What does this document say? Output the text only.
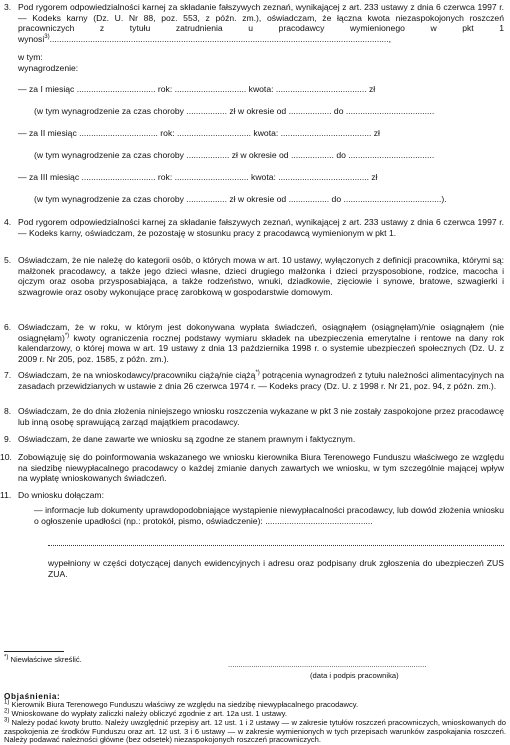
3. Pod rygorem odpowiedzialności karnej za składanie fałszywych zeznań, wynikającej z art. 233 ustawy z dnia 6 czerwca 1997 r. — Kodeks karny (Dz. U. Nr 88, poz. 553, z późn. zm.), oświadczam, że łączna kwota niezaspokojonych roszczeń pracowniczych z tytułu zatrudnienia u pracodawcy wymienionego w pkt 1 wynosi$^{3)}$..............................................................................................................................................,
w tym:
wynagrodzenie:
— za I miesiąc ................................. rok: .............................. kwota: ...................................... zł
(w tym wynagrodzenie za czas choroby ................. zł w okresie od .................. do .....................................
— za II miesiąc ................................. rok: ............................... kwota: ...................................... zł
(w tym wynagrodzenie za czas choroby .................. zł w okresie od .................. do ....................................
— za III miesiąc ............................... rok: ............................... kwota: ...................................... zł
(w tym wynagrodzenie za czas choroby ................. zł w okresie od ................. do .........................................).
4. Pod rygorem odpowiedzialności karnej za składanie fałszywych zeznań, wynikającej z art. 233 ustawy z dnia 6 czerwca 1997 r. — Kodeks karny, oświadczam, że pozostaję w stosunku pracy z pracodawcą wymienionym w pkt 1.
5. Oświadczam, że nie należę do kategorii osób, o których mowa w art. 10 ustawy, wyłączonych z definicji pracownika, którymi są: małżonek pracodawcy, a także jego dzieci własne, dzieci drugiego małżonka i dzieci przysposobione, rodzice, macocha i ojczym oraz osoba przysposabiająca, a także rodzeństwo, wnuki, dziadkowie, zięciowie i synowe, bratowe, szwagierki i szwagrowie oraz osoby wykonujące pracę zarobkową w gospodarstwie domowym.
6. Oświadczam, że w roku, w którym jest dokonywana wypłata świadczeń, osiągnąłem (osiągnęłam)/nie osiągnąłem (nie osiągnęłam)*) kwoty ograniczenia rocznej podstawy wymiaru składek na ubezpieczenia emerytalne i rentowe na dany rok kalendarzowy, o której mowa w art. 19 ustawy z dnia 13 października 1998 r. o systemie ubezpieczeń społecznych (Dz. U. z 2009 r. Nr 205, poz. 1585, z późn. zm.).
7. Oświadczam, że na wnioskodawcy/pracowniku ciążą/nie ciążą*) potrącenia wynagrodzeń z tytułu należności alimentacyjnych na zasadach przewidzianych w ustawie z dnia 26 czerwca 1974 r. — Kodeks pracy (Dz. U. z 1998 r. Nr 21, poz. 94, z późn. zm.).
8. Oświadczam, że do dnia złożenia niniejszego wniosku roszczenia wykazane w pkt 3 nie zostały zaspokojone przez pracodawcę lub inną osobę sprawującą zarząd majątkiem pracodawcy.
9. Oświadczam, że dane zawarte we wniosku są zgodne ze stanem prawnym i faktycznym.
10. Zobowiązuję się do poinformowania wskazanego we wniosku kierownika Biura Terenowego Funduszu właściwego ze względu na siedzibę niewypłacalnego pracodawcy o każdej zmianie danych zawartych we wniosku, w tym szczególnie mającej wpływ na wypłatę wnioskowanych świadczeń.
11. Do wniosku dołączam:
— informacje lub dokumenty uprawdopodobniające wystąpienie niewypłacalności pracodawcy, lub dowód złożenia wniosku o ogłoszenie upadłości (np.: protokół, pismo, oświadczenie): .............................................
wypełniony w części dotyczącej danych ewidencyjnych i adresu oraz podpisany druk zgłoszenia do ubezpieczeń ZUS ZUA.
*) Niewłaściwe skreślić.
..............................................................................................
(data i podpis pracownika)
Objaśnienia:
$^{1)}$ Kierownik Biura Terenowego Funduszu właściwy ze względu na siedzibę niewypłacalnego pracodawcy.
$^{2)}$ Wnioskowane do wypłaty zaliczki należy obliczyć zgodnie z art. 12a ust. 1 ustawy.
$^{3)}$ Należy podać kwoty brutto. Należy uwzględnić przepisy art. 12 ust. 1 i 2 ustawy — w zakresie tytułów roszczeń pracowniczych, wnioskowanych do zaspokojenia ze środków Funduszu oraz art. 12 ust. 3 i 6 ustawy — w zakresie wymienionych w tych przepisach warunków zaspokajania roszczeń. Należy podawać należności główne (bez odsetek) niezaspokojonych roszczeń pracowniczych.
